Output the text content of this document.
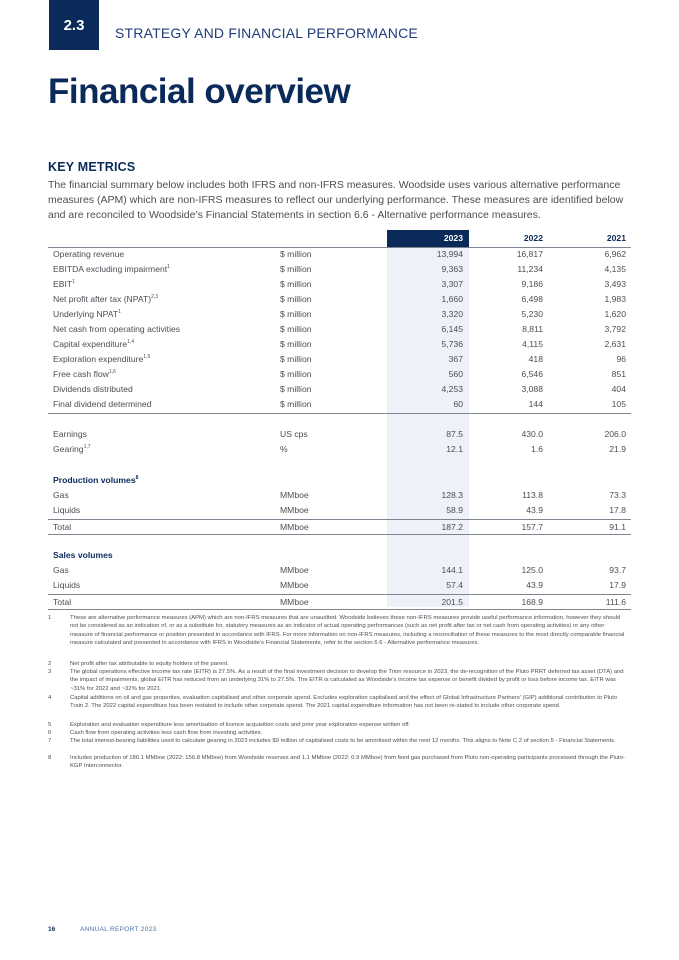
2.3	STRATEGY AND FINANCIAL PERFORMANCE
Financial overview
KEY METRICS

The financial summary below includes both IFRS and non-IFRS measures. Woodside uses various alternative performance measures (APM) which are non-IFRS measures to reflect our underlying performance. These measures are identified below and are reconciled to Woodside’s Financial Statements in section 6.6 - Alternative performance measures.

2023	2022	2021
Operating revenue	$ million	13,994	16,817	6,962
EBITDA excluding impairment$^1$	$ million	9,363	11,234	4,135
EBIT$^1$	$ million	3,307	9,186	3,493
Net profit after tax (NPAT)$^{2,3}$	$ million	1,660	6,498	1,983
Underlying NPAT$^1$	$ million	3,320	5,230	1,620
Net cash from operating activities	$ million	6,145	8,811	3,792
Capital expenditure$^{1,4}$	$ million	5,736	4,115	2,631
Exploration expenditure$^{1,5}$	$ million	367	418	96
Free cash flow$^{1,6}$	$ million	560	6,546	851
Dividends distributed	$ million	4,253	3,088	404
Final dividend determined	$ million	60	144	105
Earnings	US cps	87.5	430.0	206.0
Gearing$^{1,7}$	%	12.1	1.6	21.9
Production volumes$^8$
Gas	MMboe	128.3	113.8	73.3
Liquids	MMboe	58.9	43.9	17.8
Total	MMboe	187.2	157.7	91.1
Sales volumes
Gas	MMboe	144.1	125.0	93.7
Liquids	MMboe	57.4	43.9	17.9
Total	MMboe	201.5	168.9	111.6
1	These are alternative performance measures (APM) which are non-IFRS measures that are unaudited. Woodside believes these non-IFRS measures provide useful performance information, however they should not be considered as an indication of, or as a substitute for, statutory measures as an indicator of actual operating performances (such as net profit after tax or net cash from operating activities) or any other measure of financial performance or position presented in accordance with IFRS. For more information on non-IFRS measures, including a reconciliation of these measures to the most directly comparable financial measure calculated and presented in accordance with IFRS in Woodside’s Financial Statements, refer to the section 6.6 - Alternative performance measures.
2	Net profit after tax attributable to equity holders of the parent.
3	The global operations effective income tax rate (EITR) is 27.5%. As a result of the final investment decision to develop the Trion resource in 2023, the de-recognition of the Pluto PRRT deferred tax asset (DTA) and the impact of impairments, global EITR has reduced from an underlying 31% to 27.5%. The EITR is calculated as Woodside’s income tax expense or benefit divided by profit or loss before income tax. EITR was ~31% for 2022 and ~32% for 2021.
4	Capital additions on oil and gas properties, evaluation capitalised and other corporate spend. Excludes exploration capitalised and the effect of Global Infrastructure Partners’ (GIP) additional contribution to Pluto Train 2. The 2022 capital expenditure has been restated to include other corporate spend. The 2021 capital expenditure information has not been re-stated to include other corporate spend.
5	Exploration and evaluation expenditure less amortisation of licence acquisition costs and prior year exploration expense written off.
6	Cash flow from operating activities less cash flow from investing activities.
7	The total interest-bearing liabilities used to calculate gearing in 2023 includes $9 million of capitalised costs to be amortised within the next 12 months. This aligns to Note C.2 of section 5 - Financial Statements.
8	Includes production of 186.1 MMboe (2022: 156.8 MMboe) from Woodside reserves and 1.1 MMboe (2022: 0.9 MMboe) from feed gas purchased from Pluto non-operating participants processed through the Pluto-KGP Interconnector.
16	ANNUAL REPORT 2023
